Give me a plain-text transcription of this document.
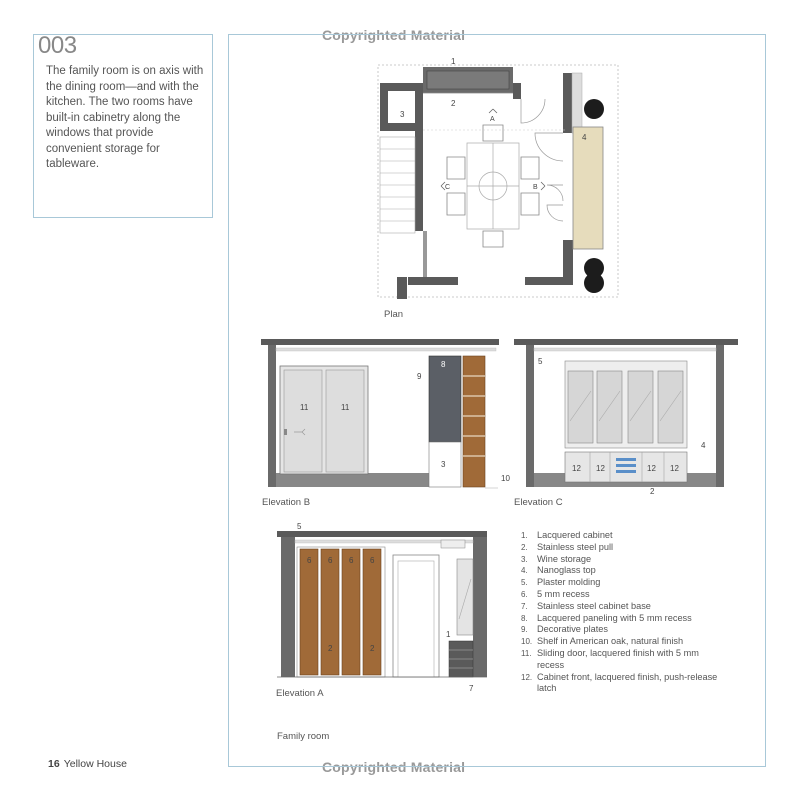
Copyrighted Material
Copyrighted Material
003
The family room is on axis with the dining room—and with the kitchen. The two rooms have built-in cabinetry along the windows that provide convenient storage for tableware.
1
2
3
4
A
B
C
Plan
11	11
8
3
9
10
Elevation B
12 12	12 12
5
4
2
Elevation C
5
6 6 6 6
2	2
1
7
Elevation A
1. Lacquered cabinet
2. Stainless steel pull
3. Wine storage
4. Nanoglass top
5. Plaster molding
6. 5 mm recess
7. Stainless steel cabinet base
8. Lacquered paneling with 5 mm recess
9. Decorative plates
10. Shelf in American oak, natural finish
11. Sliding door, lacquered finish with 5 mm recess
12. Cabinet front, lacquered finish, push-release latch
Family room
16 Yellow House
